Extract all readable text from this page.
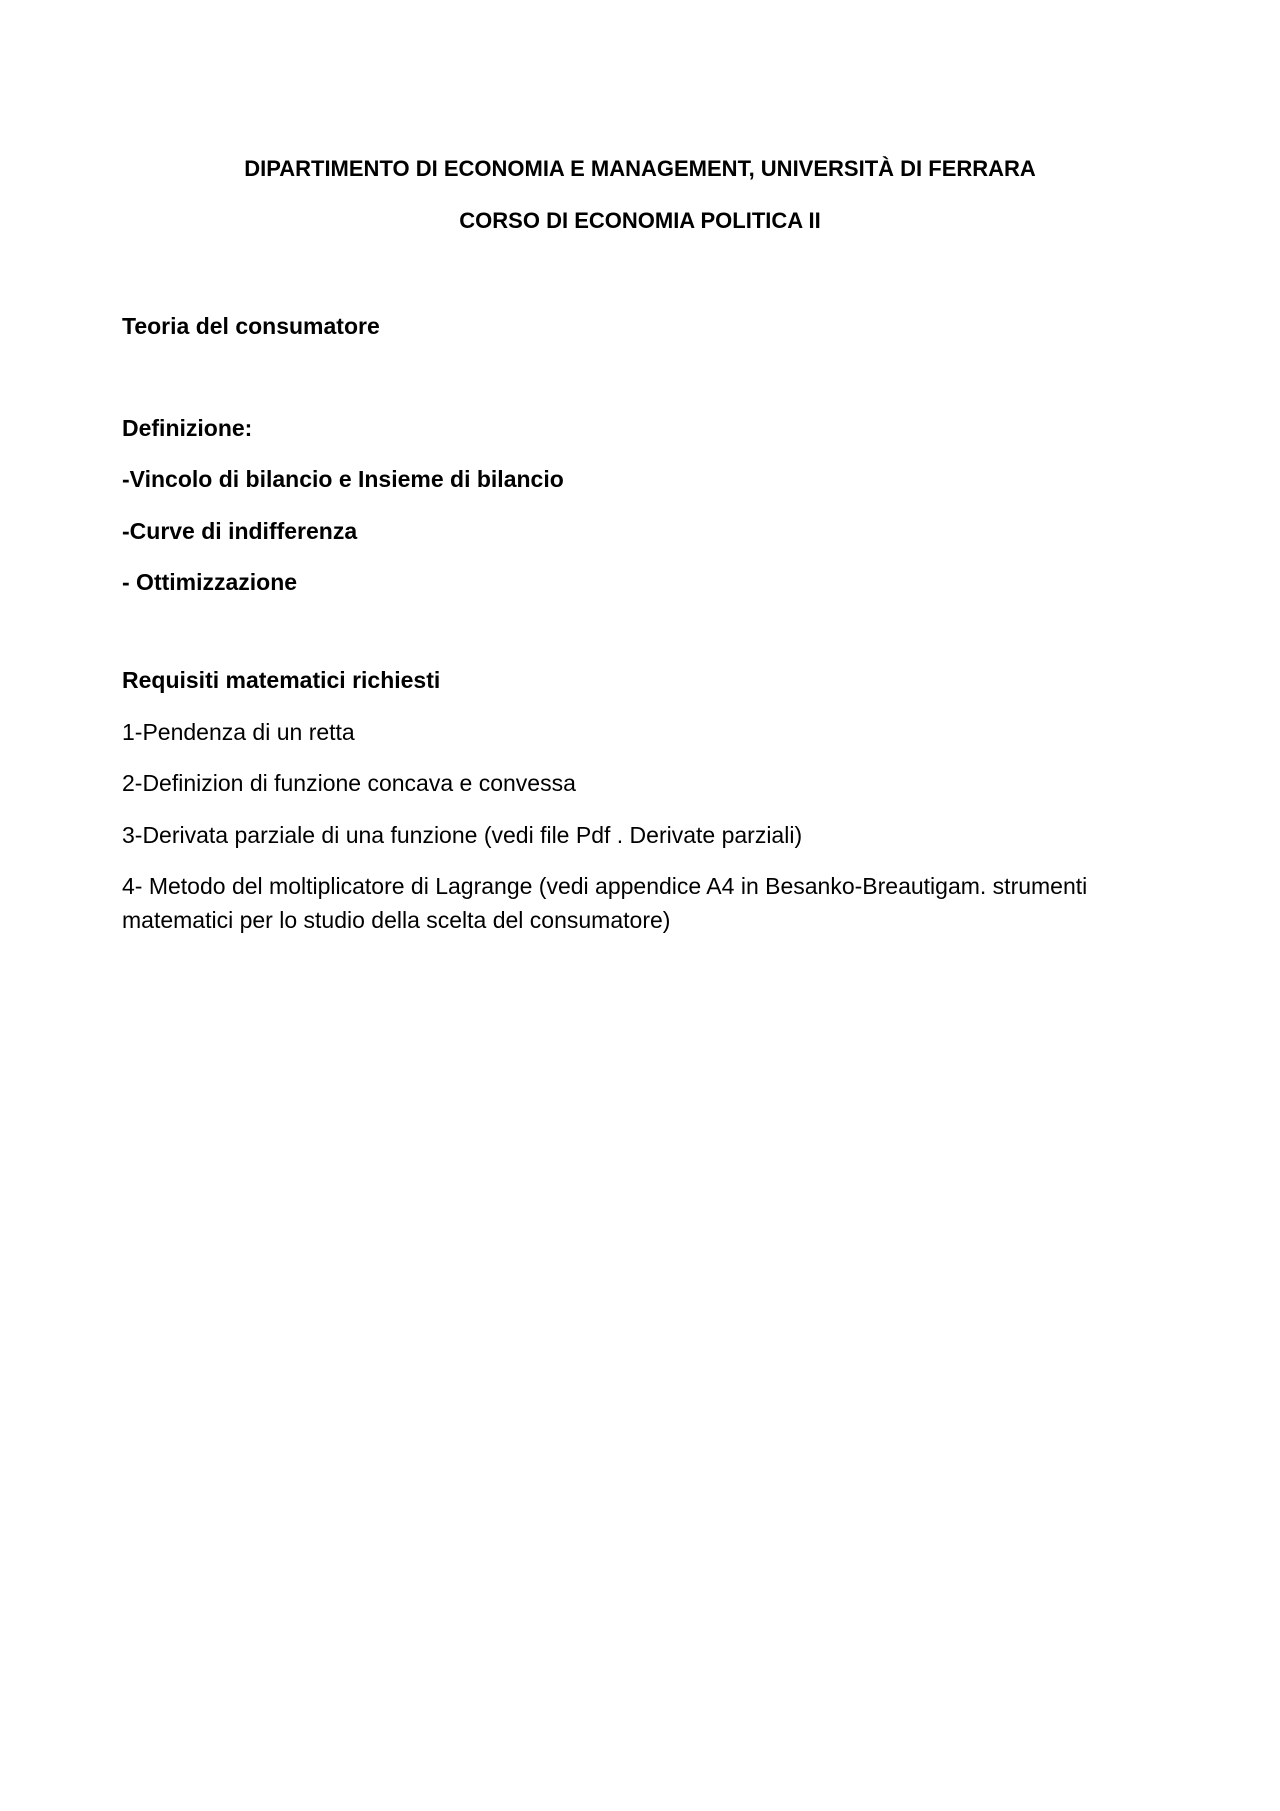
DIPARTIMENTO DI ECONOMIA E MANAGEMENT, UNIVERSITÀ DI FERRARA
CORSO DI ECONOMIA POLITICA II
Teoria del consumatore
Definizione:
-Vincolo di bilancio e Insieme di bilancio
-Curve di indifferenza
- Ottimizzazione
Requisiti matematici richiesti
1-Pendenza di un retta
2-Definizion di funzione concava e convessa
3-Derivata parziale di una funzione (vedi file Pdf . Derivate parziali)
4- Metodo del moltiplicatore di Lagrange (vedi appendice A4 in Besanko-Breautigam. strumenti matematici per lo studio della scelta del consumatore)
